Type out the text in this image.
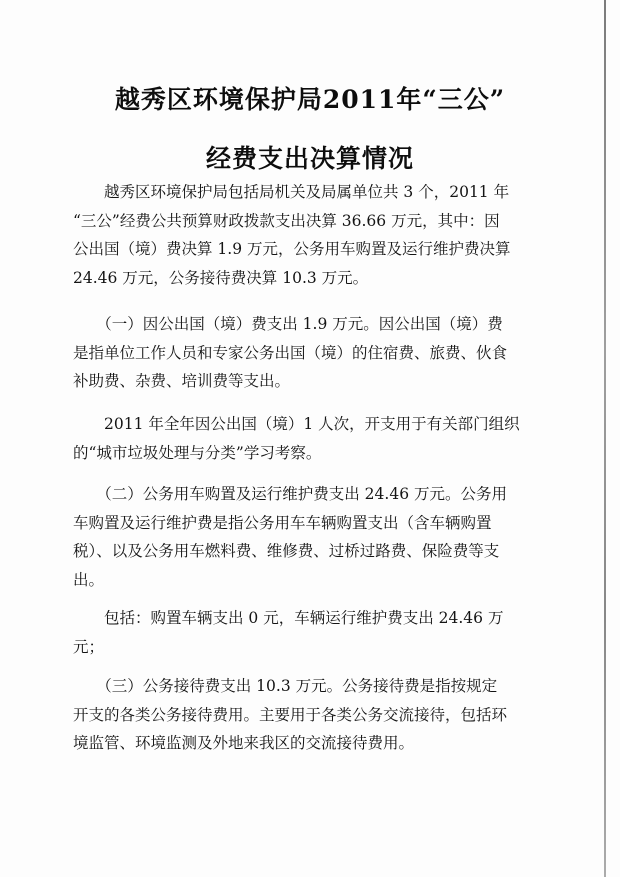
越秀区环境保护局2011年“三公”
经费支出决算情况
　　越秀区环境保护局包括局机关及局属单位共 3 个，2011 年
“三公”经费公共预算财政拨款支出决算 36.66 万元，其中：因
公出国（境）费决算 1.9 万元，公务用车购置及运行维护费决算
24.46 万元，公务接待费决算 10.3 万元。
　　（一）因公出国（境）费支出 1.9 万元。因公出国（境）费
是指单位工作人员和专家公务出国（境）的住宿费、旅费、伙食
补助费、杂费、培训费等支出。
　　2011 年全年因公出国（境）1 人次，开支用于有关部门组织
的“城市垃圾处理与分类”学习考察。
　　（二）公务用车购置及运行维护费支出 24.46 万元。公务用
车购置及运行维护费是指公务用车车辆购置支出（含车辆购置
税）、以及公务用车燃料费、维修费、过桥过路费、保险费等支
出。
　　包括：购置车辆支出 0 元，车辆运行维护费支出 24.46 万
元；
　　（三）公务接待费支出 10.3 万元。公务接待费是指按规定
开支的各类公务接待费用。主要用于各类公务交流接待，包括环
境监管、环境监测及外地来我区的交流接待费用。
